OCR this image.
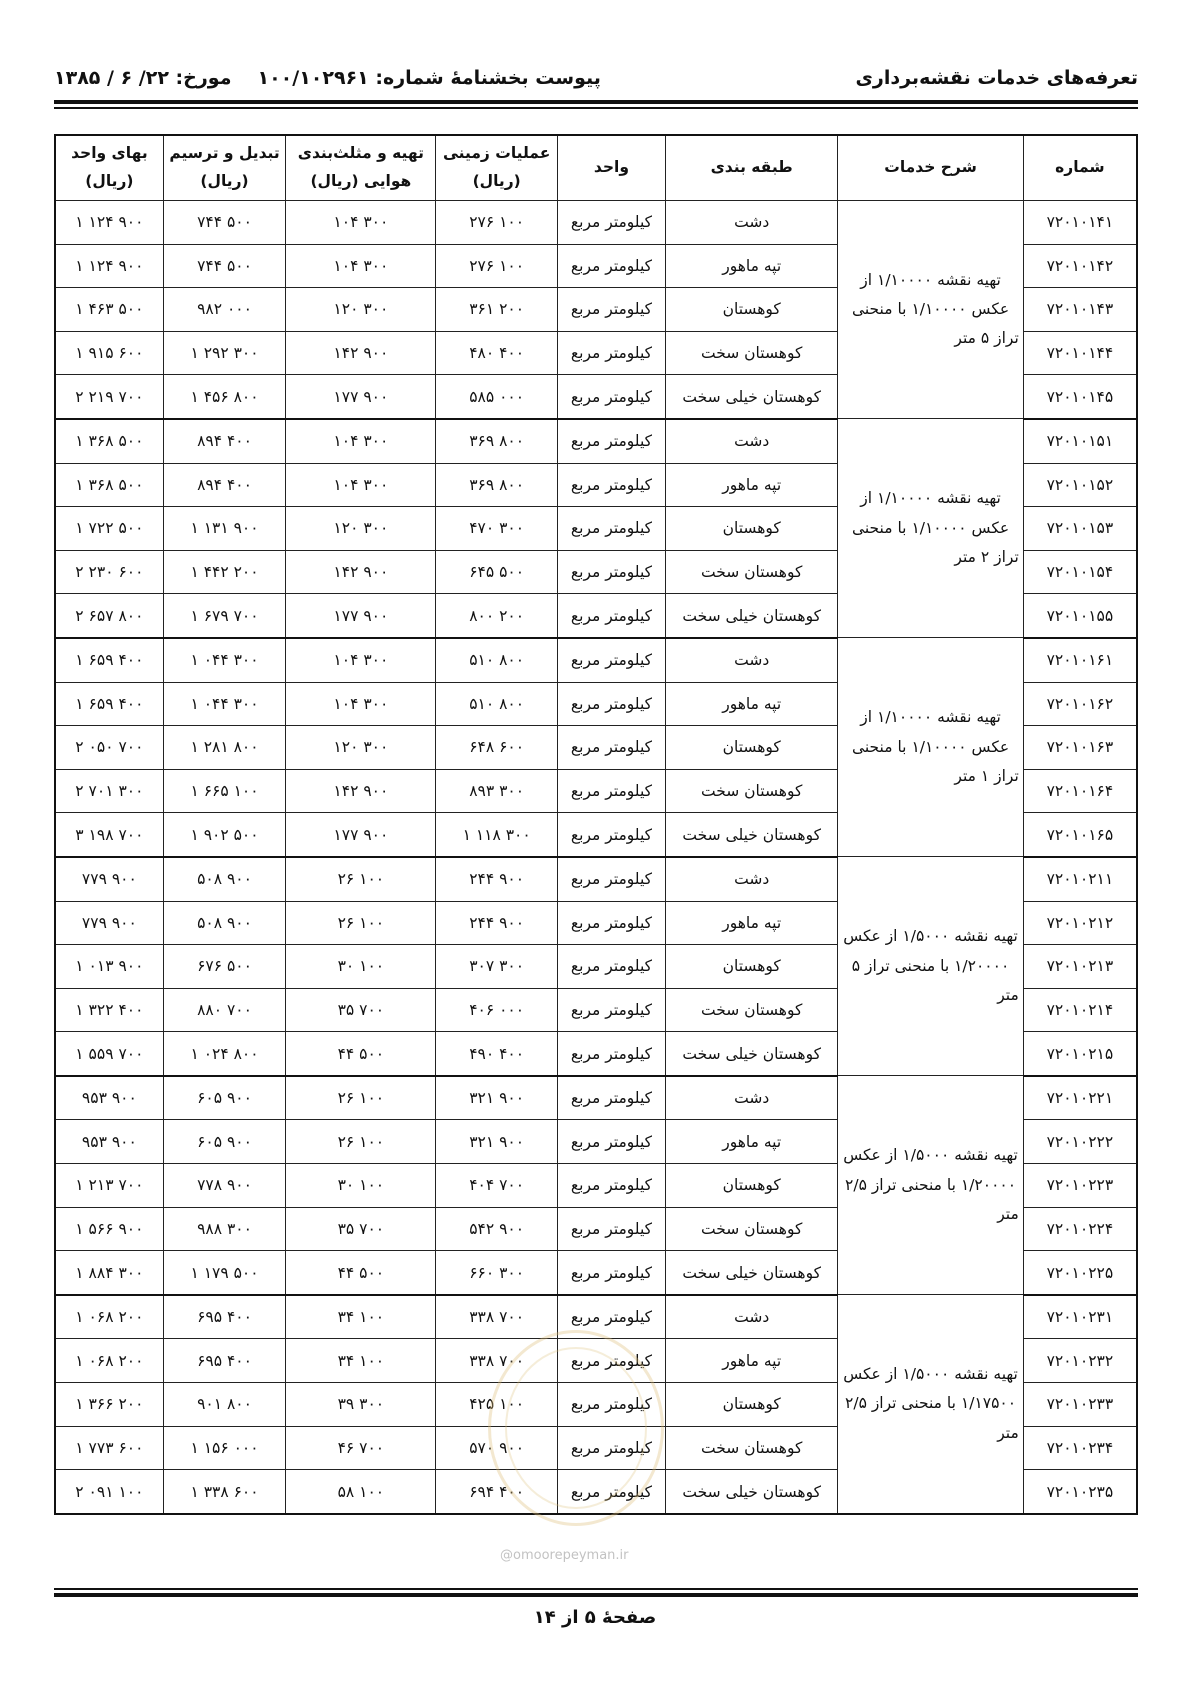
تعرفه‌های خدمات نقشه‌برداری
پیوست بخشنامهٔ شماره: ۱۰۰/۱۰۲۹۶۱
مورخ: ۲۲/ ۶ / ۱۳۸۵
شماره	شرح خدمات	طبقه بندی	واحد	عملیات زمینی (ریال)	تهیه و مثلث‌بندی هوایی (ریال)	تبدیل و ترسیم (ریال)	بهای واحد (ریال)
۷۲۰۱۰۱۴۱	تهیه نقشه ۱/۱۰۰۰۰ از عکس ۱/۱۰۰۰۰ با منحنی تراز ۵ متر	دشت	کیلومتر مربع	۲۷۶ ۱۰۰	۱۰۴ ۳۰۰	۷۴۴ ۵۰۰	۱ ۱۲۴ ۹۰۰
۷۲۰۱۰۱۴۲		تپه ماهور	کیلومتر مربع	۲۷۶ ۱۰۰	۱۰۴ ۳۰۰	۷۴۴ ۵۰۰	۱ ۱۲۴ ۹۰۰
۷۲۰۱۰۱۴۳		کوهستان	کیلومتر مربع	۳۶۱ ۲۰۰	۱۲۰ ۳۰۰	۹۸۲ ۰۰۰	۱ ۴۶۳ ۵۰۰
۷۲۰۱۰۱۴۴		کوهستان سخت	کیلومتر مربع	۴۸۰ ۴۰۰	۱۴۲ ۹۰۰	۱ ۲۹۲ ۳۰۰	۱ ۹۱۵ ۶۰۰
۷۲۰۱۰۱۴۵		کوهستان خیلی سخت	کیلومتر مربع	۵۸۵ ۰۰۰	۱۷۷ ۹۰۰	۱ ۴۵۶ ۸۰۰	۲ ۲۱۹ ۷۰۰
۷۲۰۱۰۱۵۱	تهیه نقشه ۱/۱۰۰۰۰ از عکس ۱/۱۰۰۰۰ با منحنی تراز ۲ متر	دشت	کیلومتر مربع	۳۶۹ ۸۰۰	۱۰۴ ۳۰۰	۸۹۴ ۴۰۰	۱ ۳۶۸ ۵۰۰
۷۲۰۱۰۱۵۲		تپه ماهور	کیلومتر مربع	۳۶۹ ۸۰۰	۱۰۴ ۳۰۰	۸۹۴ ۴۰۰	۱ ۳۶۸ ۵۰۰
۷۲۰۱۰۱۵۳		کوهستان	کیلومتر مربع	۴۷۰ ۳۰۰	۱۲۰ ۳۰۰	۱ ۱۳۱ ۹۰۰	۱ ۷۲۲ ۵۰۰
۷۲۰۱۰۱۵۴		کوهستان سخت	کیلومتر مربع	۶۴۵ ۵۰۰	۱۴۲ ۹۰۰	۱ ۴۴۲ ۲۰۰	۲ ۲۳۰ ۶۰۰
۷۲۰۱۰۱۵۵		کوهستان خیلی سخت	کیلومتر مربع	۸۰۰ ۲۰۰	۱۷۷ ۹۰۰	۱ ۶۷۹ ۷۰۰	۲ ۶۵۷ ۸۰۰
۷۲۰۱۰۱۶۱	تهیه نقشه ۱/۱۰۰۰۰ از عکس ۱/۱۰۰۰۰ با منحنی تراز ۱ متر	دشت	کیلومتر مربع	۵۱۰ ۸۰۰	۱۰۴ ۳۰۰	۱ ۰۴۴ ۳۰۰	۱ ۶۵۹ ۴۰۰
۷۲۰۱۰۱۶۲		تپه ماهور	کیلومتر مربع	۵۱۰ ۸۰۰	۱۰۴ ۳۰۰	۱ ۰۴۴ ۳۰۰	۱ ۶۵۹ ۴۰۰
۷۲۰۱۰۱۶۳		کوهستان	کیلومتر مربع	۶۴۸ ۶۰۰	۱۲۰ ۳۰۰	۱ ۲۸۱ ۸۰۰	۲ ۰۵۰ ۷۰۰
۷۲۰۱۰۱۶۴		کوهستان سخت	کیلومتر مربع	۸۹۳ ۳۰۰	۱۴۲ ۹۰۰	۱ ۶۶۵ ۱۰۰	۲ ۷۰۱ ۳۰۰
۷۲۰۱۰۱۶۵		کوهستان خیلی سخت	کیلومتر مربع	۱ ۱۱۸ ۳۰۰	۱۷۷ ۹۰۰	۱ ۹۰۲ ۵۰۰	۳ ۱۹۸ ۷۰۰
۷۲۰۱۰۲۱۱	تهیه نقشه ۱/۵۰۰۰ از عکس ۱/۲۰۰۰۰ با منحنی تراز ۵ متر	دشت	کیلومتر مربع	۲۴۴ ۹۰۰	۲۶ ۱۰۰	۵۰۸ ۹۰۰	۷۷۹ ۹۰۰
۷۲۰۱۰۲۱۲		تپه ماهور	کیلومتر مربع	۲۴۴ ۹۰۰	۲۶ ۱۰۰	۵۰۸ ۹۰۰	۷۷۹ ۹۰۰
۷۲۰۱۰۲۱۳		کوهستان	کیلومتر مربع	۳۰۷ ۳۰۰	۳۰ ۱۰۰	۶۷۶ ۵۰۰	۱ ۰۱۳ ۹۰۰
۷۲۰۱۰۲۱۴		کوهستان سخت	کیلومتر مربع	۴۰۶ ۰۰۰	۳۵ ۷۰۰	۸۸۰ ۷۰۰	۱ ۳۲۲ ۴۰۰
۷۲۰۱۰۲۱۵		کوهستان خیلی سخت	کیلومتر مربع	۴۹۰ ۴۰۰	۴۴ ۵۰۰	۱ ۰۲۴ ۸۰۰	۱ ۵۵۹ ۷۰۰
۷۲۰۱۰۲۲۱	تهیه نقشه ۱/۵۰۰۰ از عکس ۱/۲۰۰۰۰ با منحنی تراز ۲/۵ متر	دشت	کیلومتر مربع	۳۲۱ ۹۰۰	۲۶ ۱۰۰	۶۰۵ ۹۰۰	۹۵۳ ۹۰۰
۷۲۰۱۰۲۲۲		تپه ماهور	کیلومتر مربع	۳۲۱ ۹۰۰	۲۶ ۱۰۰	۶۰۵ ۹۰۰	۹۵۳ ۹۰۰
۷۲۰۱۰۲۲۳		کوهستان	کیلومتر مربع	۴۰۴ ۷۰۰	۳۰ ۱۰۰	۷۷۸ ۹۰۰	۱ ۲۱۳ ۷۰۰
۷۲۰۱۰۲۲۴		کوهستان سخت	کیلومتر مربع	۵۴۲ ۹۰۰	۳۵ ۷۰۰	۹۸۸ ۳۰۰	۱ ۵۶۶ ۹۰۰
۷۲۰۱۰۲۲۵		کوهستان خیلی سخت	کیلومتر مربع	۶۶۰ ۳۰۰	۴۴ ۵۰۰	۱ ۱۷۹ ۵۰۰	۱ ۸۸۴ ۳۰۰
۷۲۰۱۰۲۳۱	تهیه نقشه ۱/۵۰۰۰ از عکس ۱/۱۷۵۰۰ با منحنی تراز ۲/۵ متر	دشت	کیلومتر مربع	۳۳۸ ۷۰۰	۳۴ ۱۰۰	۶۹۵ ۴۰۰	۱ ۰۶۸ ۲۰۰
۷۲۰۱۰۲۳۲		تپه ماهور	کیلومتر مربع	۳۳۸ ۷۰۰	۳۴ ۱۰۰	۶۹۵ ۴۰۰	۱ ۰۶۸ ۲۰۰
۷۲۰۱۰۲۳۳		کوهستان	کیلومتر مربع	۴۲۵ ۱۰۰	۳۹ ۳۰۰	۹۰۱ ۸۰۰	۱ ۳۶۶ ۲۰۰
۷۲۰۱۰۲۳۴		کوهستان سخت	کیلومتر مربع	۵۷۰ ۹۰۰	۴۶ ۷۰۰	۱ ۱۵۶ ۰۰۰	۱ ۷۷۳ ۶۰۰
۷۲۰۱۰۲۳۵		کوهستان خیلی سخت	کیلومتر مربع	۶۹۴ ۴۰۰	۵۸ ۱۰۰	۱ ۳۳۸ ۶۰۰	۲ ۰۹۱ ۱۰۰
@omoorepeyman.ir
صفحهٔ ۵ از ۱۴
